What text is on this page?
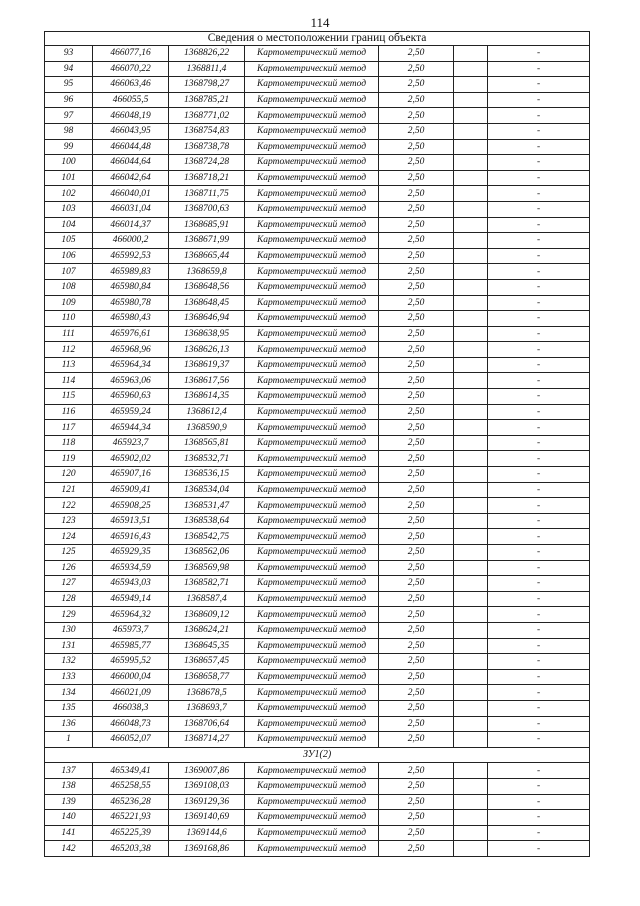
114
Сведения о местоположении границ объекта						
93	466077,16	1368826,22	Картометрический метод	2,50		-
94	466070,22	1368811,4	Картометрический метод	2,50		-
95	466063,46	1368798,27	Картометрический метод	2,50		-
96	466055,5	1368785,21	Картометрический метод	2,50		-
97	466048,19	1368771,02	Картометрический метод	2,50		-
98	466043,95	1368754,83	Картометрический метод	2,50		-
99	466044,48	1368738,78	Картометрический метод	2,50		-
100	466044,64	1368724,28	Картометрический метод	2,50		-
101	466042,64	1368718,21	Картометрический метод	2,50		-
102	466040,01	1368711,75	Картометрический метод	2,50		-
103	466031,04	1368700,63	Картометрический метод	2,50		-
104	466014,37	1368685,91	Картометрический метод	2,50		-
105	466000,2	1368671,99	Картометрический метод	2,50		-
106	465992,53	1368665,44	Картометрический метод	2,50		-
107	465989,83	1368659,8	Картометрический метод	2,50		-
108	465980,84	1368648,56	Картометрический метод	2,50		-
109	465980,78	1368648,45	Картометрический метод	2,50		-
110	465980,43	1368646,94	Картометрический метод	2,50		-
111	465976,61	1368638,95	Картометрический метод	2,50		-
112	465968,96	1368626,13	Картометрический метод	2,50		-
113	465964,34	1368619,37	Картометрический метод	2,50		-
114	465963,06	1368617,56	Картометрический метод	2,50		-
115	465960,63	1368614,35	Картометрический метод	2,50		-
116	465959,24	1368612,4	Картометрический метод	2,50		-
117	465944,34	1368590,9	Картометрический метод	2,50		-
118	465923,7	1368565,81	Картометрический метод	2,50		-
119	465902,02	1368532,71	Картометрический метод	2,50		-
120	465907,16	1368536,15	Картометрический метод	2,50		-
121	465909,41	1368534,04	Картометрический метод	2,50		-
122	465908,25	1368531,47	Картометрический метод	2,50		-
123	465913,51	1368538,64	Картометрический метод	2,50		-
124	465916,43	1368542,75	Картометрический метод	2,50		-
125	465929,35	1368562,06	Картометрический метод	2,50		-
126	465934,59	1368569,98	Картометрический метод	2,50		-
127	465943,03	1368582,71	Картометрический метод	2,50		-
128	465949,14	1368587,4	Картометрический метод	2,50		-
129	465964,32	1368609,12	Картометрический метод	2,50		-
130	465973,7	1368624,21	Картометрический метод	2,50		-
131	465985,77	1368645,35	Картометрический метод	2,50		-
132	465995,52	1368657,45	Картометрический метод	2,50		-
133	466000,04	1368658,77	Картометрический метод	2,50		-
134	466021,09	1368678,5	Картометрический метод	2,50		-
135	466038,3	1368693,7	Картометрический метод	2,50		-
136	466048,73	1368706,64	Картометрический метод	2,50		-
1	466052,07	1368714,27	Картометрический метод	2,50		-
ЗУ1(2)						
137	465349,41	1369007,86	Картометрический метод	2,50		-
138	465258,55	1369108,03	Картометрический метод	2,50		-
139	465236,28	1369129,36	Картометрический метод	2,50		-
140	465221,93	1369140,69	Картометрический метод	2,50		-
141	465225,39	1369144,6	Картометрический метод	2,50		-
142	465203,38	1369168,86	Картометрический метод	2,50		-
